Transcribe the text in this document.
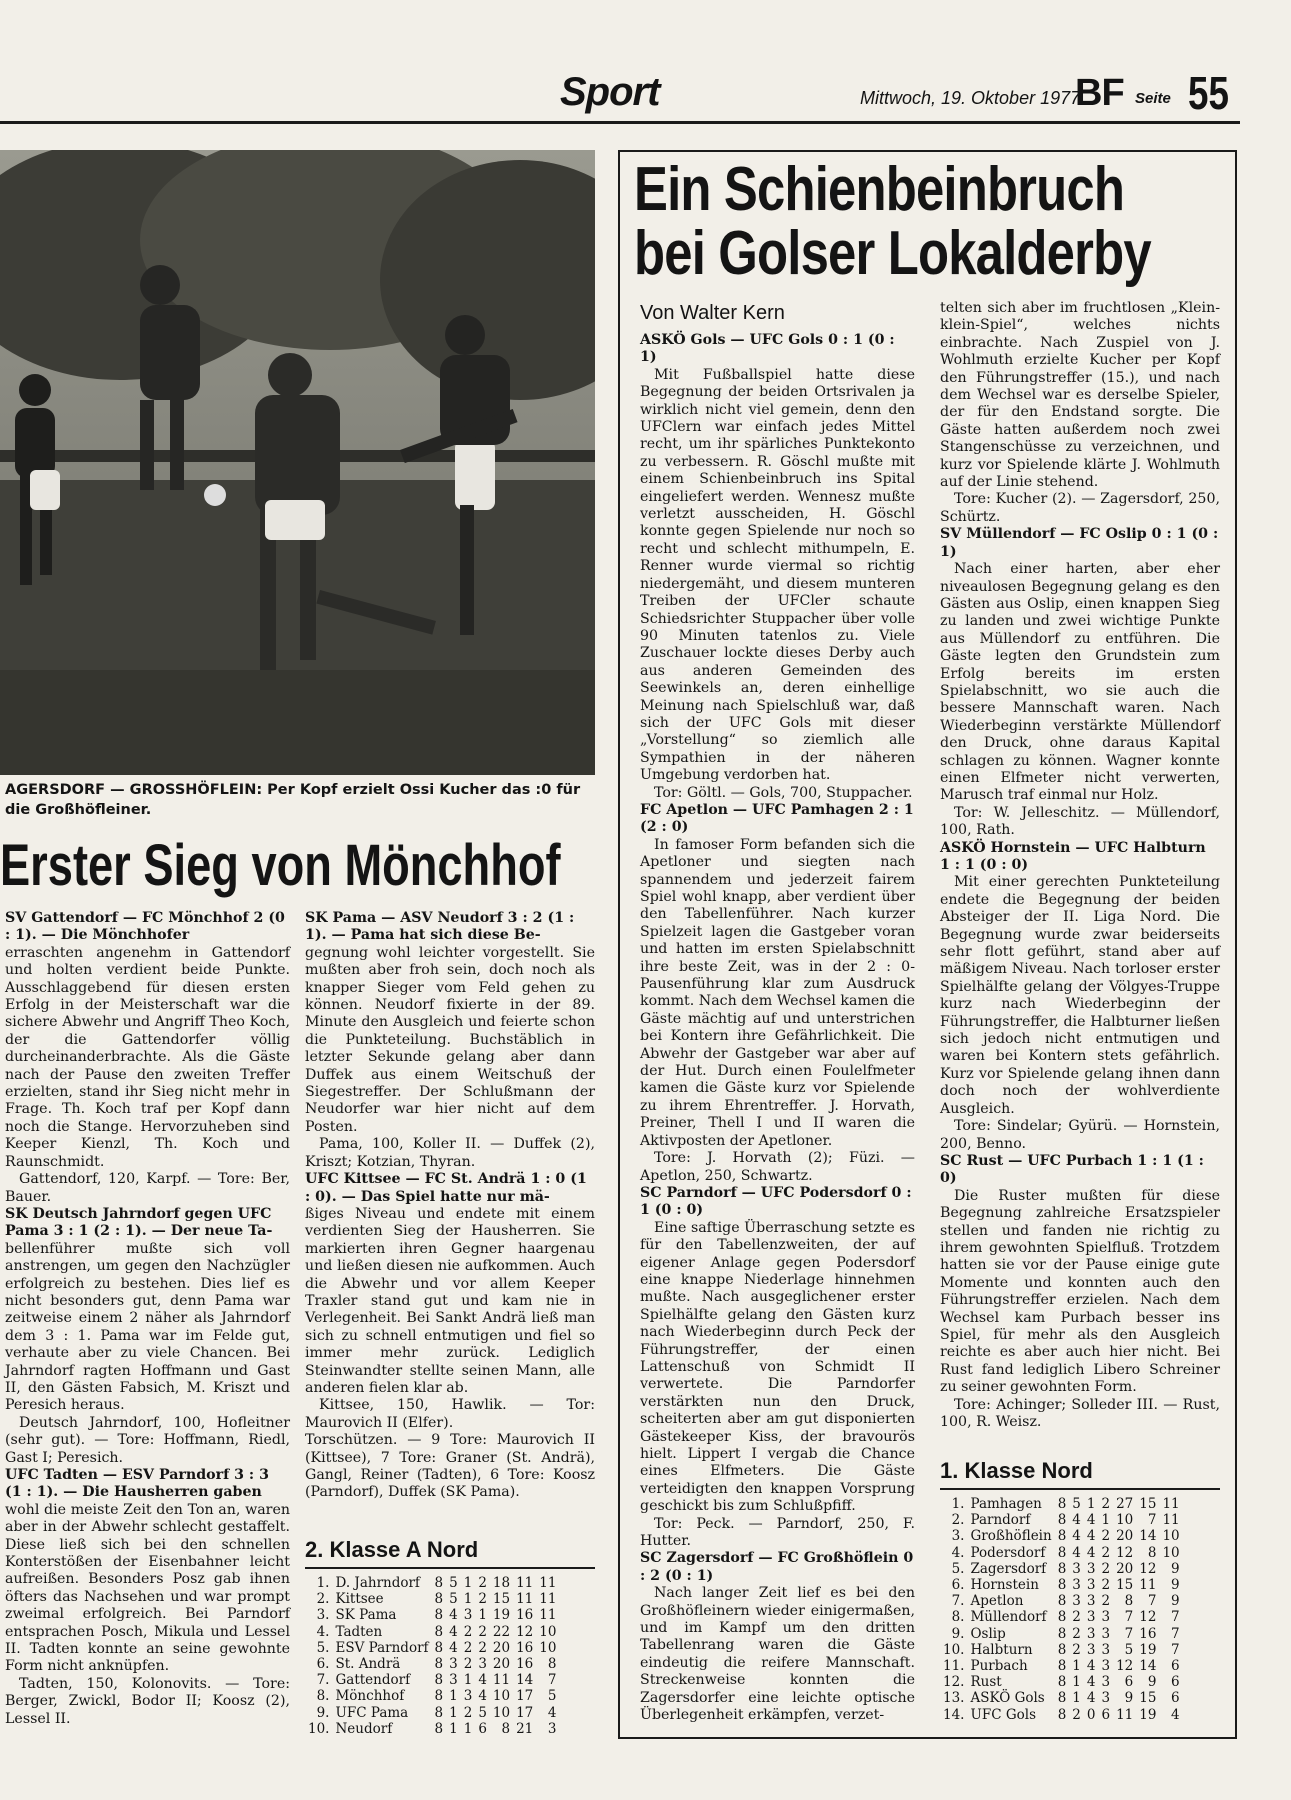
Sport	Mittwoch, 19. Oktober 1977
BF Seite 55
AGERSDORF — GROSSHÖFLEIN: Per Kopf erzielt Ossi Kucher das :0 für die Großhöfleiner.
Erster Sieg von Mönchhof

SV Gattendorf — FC Mönchhof 2 (0 : 1). — Die Mönchhofer

erraschten angenehm in Gattendorf und holten verdient beide Punkte. Ausschlaggebend für diesen ersten Erfolg in der Meisterschaft war die sichere Abwehr und Angriff Theo Koch, der die Gattendorfer völlig durcheinanderbrachte. Als die Gäste nach der Pause den zweiten Treffer erzielten, stand ihr Sieg nicht mehr in Frage. Th. Koch traf per Kopf dann noch die Stange. Hervorzuheben sind Keeper Kienzl, Th. Koch und Raunschmidt.

Gattendorf, 120, Karpf. — Tore: Ber, Bauer.

SK Deutsch Jahrndorf gegen UFC Pama 3 : 1 (2 : 1). — Der neue Ta-

bellenführer mußte sich voll anstrengen, um gegen den Nachzügler erfolgreich zu bestehen. Dies lief es nicht besonders gut, denn Pama war zeitweise einem 2 näher als Jahrndorf dem 3 : 1. Pama war im Felde gut, verhaute aber zu viele Chancen. Bei Jahrndorf ragten Hoffmann und Gast II, den Gästen Fabsich, M. Kriszt und Peresich heraus.

Deutsch Jahrndorf, 100, Hofleitner (sehr gut). — Tore: Hoffmann, Riedl, Gast I; Peresich.

UFC Tadten — ESV Parndorf 3 : 3 (1 : 1). — Die Hausherren gaben

wohl die meiste Zeit den Ton an, waren aber in der Abwehr schlecht gestaffelt. Diese ließ sich bei den schnellen Konterstößen der Eisenbahner leicht aufreißen. Besonders Posz gab ihnen öfters das Nachsehen und war prompt zweimal erfolgreich. Bei Parndorf entsprachen Posch, Mikula und Lessel II. Tadten konnte an seine gewohnte Form nicht anknüpfen.

Tadten, 150, Kolonovits. — Tore: Berger, Zwickl, Bodor II; Koosz (2), Lessel II.

SK Pama — ASV Neudorf 3 : 2 (1 : 1). — Pama hat sich diese Be-

gegnung wohl leichter vorgestellt. Sie mußten aber froh sein, doch noch als knapper Sieger vom Feld gehen zu können. Neudorf fixierte in der 89. Minute den Ausgleich und feierte schon die Punkteteilung. Buchstäblich in letzter Sekunde gelang aber dann Duffek aus einem Weitschuß der Siegestreffer. Der Schlußmann der Neudorfer war hier nicht auf dem Posten.

Pama, 100, Koller II. — Duffek (2), Kriszt; Kotzian, Thyran.

UFC Kittsee — FC St. Andrä 1 : 0 (1 : 0). — Das Spiel hatte nur mä-

ßiges Niveau und endete mit einem verdienten Sieg der Hausherren. Sie markierten ihren Gegner haargenau und ließen diesen nie aufkommen. Auch die Abwehr und vor allem Keeper Traxler stand gut und kam nie in Verlegenheit. Bei Sankt Andrä ließ man sich zu schnell entmutigen und fiel so immer mehr zurück. Lediglich Steinwandter stellte seinen Mann, alle anderen fielen klar ab.

Kittsee, 150, Hawlik. — Tor: Maurovich II (Elfer).

Torschützen. — 9 Tore: Maurovich II (Kittsee), 7 Tore: Graner (St. Andrä), Gangl, Reiner (Tadten), 6 Tore: Koosz (Parndorf), Duffek (SK Pama).

2. Klasse A Nord
1.	D. Jahrndorf	8	5	1	2	18	11	11
2.	Kittsee	8	5	1	2	15	11	11
3.	SK Pama	8	4	3	1	19	16	11
4.	Tadten	8	4	2	2	22	12	10
5.	ESV Parndorf	8	4	2	2	20	16	10
6.	St. Andrä	8	3	2	3	20	16	8
7.	Gattendorf	8	3	1	4	11	14	7
8.	Mönchhof	8	1	3	4	10	17	5
9.	UFC Pama	8	1	2	5	10	17	4
10.	Neudorf	8	1	1	6	8	21	3
Ein Schienbeinbruch
bei Golser Lokalderby
Von Walter Kern

ASKÖ Gols — UFC Gols 0 : 1 (0 : 1)

Mit Fußballspiel hatte diese Begegnung der beiden Ortsrivalen ja wirklich nicht viel gemein, denn den UFClern war einfach jedes Mittel recht, um ihr spärliches Punktekonto zu verbessern. R. Göschl mußte mit einem Schienbeinbruch ins Spital eingeliefert werden. Wennesz mußte verletzt ausscheiden, H. Göschl konnte gegen Spielende nur noch so recht und schlecht mithumpeln, E. Renner wurde viermal so richtig niedergemäht, und diesem munteren Treiben der UFCler schaute Schiedsrichter Stuppacher über volle 90 Minuten tatenlos zu. Viele Zuschauer lockte dieses Derby auch aus anderen Gemeinden des Seewinkels an, deren einhellige Meinung nach Spielschluß war, daß sich der UFC Gols mit dieser „Vorstellung“ so ziemlich alle Sympathien in der näheren Umgebung verdorben hat.

Tor: Göltl. — Gols, 700, Stuppacher.

FC Apetlon — UFC Pamhagen 2 : 1 (2 : 0)

In famoser Form befanden sich die Apetloner und siegten nach spannendem und jederzeit fairem Spiel wohl knapp, aber verdient über den Tabellenführer. Nach kurzer Spielzeit lagen die Gastgeber voran und hatten im ersten Spielabschnitt ihre beste Zeit, was in der 2 : 0-Pausenführung klar zum Ausdruck kommt. Nach dem Wechsel kamen die Gäste mächtig auf und unterstrichen bei Kontern ihre Gefährlichkeit. Die Abwehr der Gastgeber war aber auf der Hut. Durch einen Foulelfmeter kamen die Gäste kurz vor Spielende zu ihrem Ehrentreffer. J. Horvath, Preiner, Thell I und II waren die Aktivposten der Apetloner.

Tore: J. Horvath (2); Füzi. — Apetlon, 250, Schwartz.

SC Parndorf — UFC Podersdorf 0 : 1 (0 : 0)

Eine saftige Überraschung setzte es für den Tabellenzweiten, der auf eigener Anlage gegen Podersdorf eine knappe Niederlage hinnehmen mußte. Nach ausgeglichener erster Spielhälfte gelang den Gästen kurz nach Wiederbeginn durch Peck der Führungstreffer, der einen Lattenschuß von Schmidt II verwertete. Die Parndorfer verstärkten nun den Druck, scheiterten aber am gut disponierten Gästekeeper Kiss, der bravourös hielt. Lippert I vergab die Chance eines Elfmeters. Die Gäste verteidigten den knappen Vorsprung geschickt bis zum Schlußpfiff.

Tor: Peck. — Parndorf, 250, F. Hutter.

SC Zagersdorf — FC Großhöflein 0 : 2 (0 : 1)

Nach langer Zeit lief es bei den Großhöfleinern wieder einigermaßen, und im Kampf um den dritten Tabellenrang waren die Gäste eindeutig die reifere Mannschaft. Streckenweise konnten die Zagersdorfer eine leichte optische Überlegenheit erkämpfen, verzet-

telten sich aber im fruchtlosen „Klein-klein-Spiel“, welches nichts einbrachte. Nach Zuspiel von J. Wohlmuth erzielte Kucher per Kopf den Führungstreffer (15.), und nach dem Wechsel war es derselbe Spieler, der für den Endstand sorgte. Die Gäste hatten außerdem noch zwei Stangenschüsse zu verzeichnen, und kurz vor Spielende klärte J. Wohlmuth auf der Linie stehend.

Tore: Kucher (2). — Zagersdorf, 250, Schürtz.

SV Müllendorf — FC Oslip 0 : 1 (0 : 1)

Nach einer harten, aber eher niveaulosen Begegnung gelang es den Gästen aus Oslip, einen knappen Sieg zu landen und zwei wichtige Punkte aus Müllendorf zu entführen. Die Gäste legten den Grundstein zum Erfolg bereits im ersten Spielabschnitt, wo sie auch die bessere Mannschaft waren. Nach Wiederbeginn verstärkte Müllendorf den Druck, ohne daraus Kapital schlagen zu können. Wagner konnte einen Elfmeter nicht verwerten, Marusch traf einmal nur Holz.

Tor: W. Jelleschitz. — Müllendorf, 100, Rath.

ASKÖ Hornstein — UFC Halbturn 1 : 1 (0 : 0)

Mit einer gerechten Punkteteilung endete die Begegnung der beiden Absteiger der II. Liga Nord. Die Begegnung wurde zwar beiderseits sehr flott geführt, stand aber auf mäßigem Niveau. Nach torloser erster Spielhälfte gelang der Völgyes-Truppe kurz nach Wiederbeginn der Führungstreffer, die Halbturner ließen sich jedoch nicht entmutigen und waren bei Kontern stets gefährlich. Kurz vor Spielende gelang ihnen dann doch noch der wohlverdiente Ausgleich.

Tore: Sindelar; Gyürü. — Hornstein, 200, Benno.

SC Rust — UFC Purbach 1 : 1 (1 : 0)

Die Ruster mußten für diese Begegnung zahlreiche Ersatzspieler stellen und fanden nie richtig zu ihrem gewohnten Spielfluß. Trotzdem hatten sie vor der Pause einige gute Momente und konnten auch den Führungstreffer erzielen. Nach dem Wechsel kam Purbach besser ins Spiel, für mehr als den Ausgleich reichte es aber auch hier nicht. Bei Rust fand lediglich Libero Schreiner zu seiner gewohnten Form.

Tore: Achinger; Solleder III. — Rust, 100, R. Weisz.

1. Klasse Nord
1.	Pamhagen	8	5	1	2	27	15	11
2.	Parndorf	8	4	4	1	10	7	11
3.	Großhöflein	8	4	4	2	20	14	10
4.	Podersdorf	8	4	4	2	12	8	10
5.	Zagersdorf	8	3	3	2	20	12	9
6.	Hornstein	8	3	3	2	15	11	9
7.	Apetlon	8	3	3	2	8	7	9
8.	Müllendorf	8	2	3	3	7	12	7
9.	Oslip	8	2	3	3	7	16	7
10.	Halbturn	8	2	3	3	5	19	7
11.	Purbach	8	1	4	3	12	14	6
12.	Rust	8	1	4	3	6	9	6
13.	ASKÖ Gols	8	1	4	3	9	15	6
14.	UFC Gols	8	2	0	6	11	19	4
